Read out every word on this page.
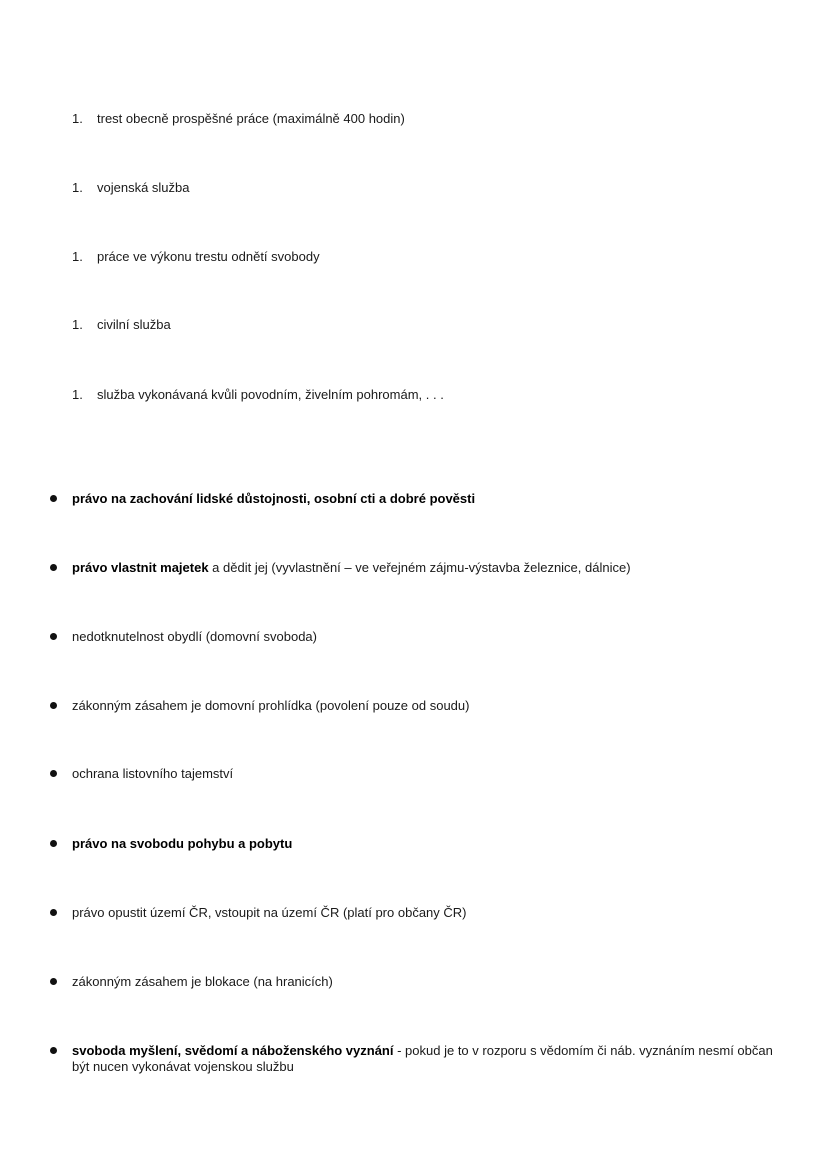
1.	trest obecně prospěšné práce (maximálně 400 hodin)
1.	vojenská služba
1.	práce ve výkonu trestu odnětí svobody
1.	civilní služba
1.	služba vykonávaná kvůli povodním, živelním pohromám, . . .
právo na zachování lidské důstojnosti, osobní cti a dobré pověsti
právo vlastnit majetek a dědit jej (vyvlastnění – ve veřejném zájmu-výstavba železnice, dálnice)
nedotknutelnost obydlí (domovní svoboda)
zákonným zásahem je domovní prohlídka (povolení pouze od soudu)
ochrana listovního tajemství
právo na svobodu pohybu a pobytu
právo opustit území ČR, vstoupit na území ČR (platí pro občany ČR)
zákonným zásahem je blokace (na hranicích)
svoboda myšlení, svědomí a náboženského vyznání - pokud je to v rozporu s vědomím či náb. vyznáním nesmí občan být nucen vykonávat vojenskou službu
